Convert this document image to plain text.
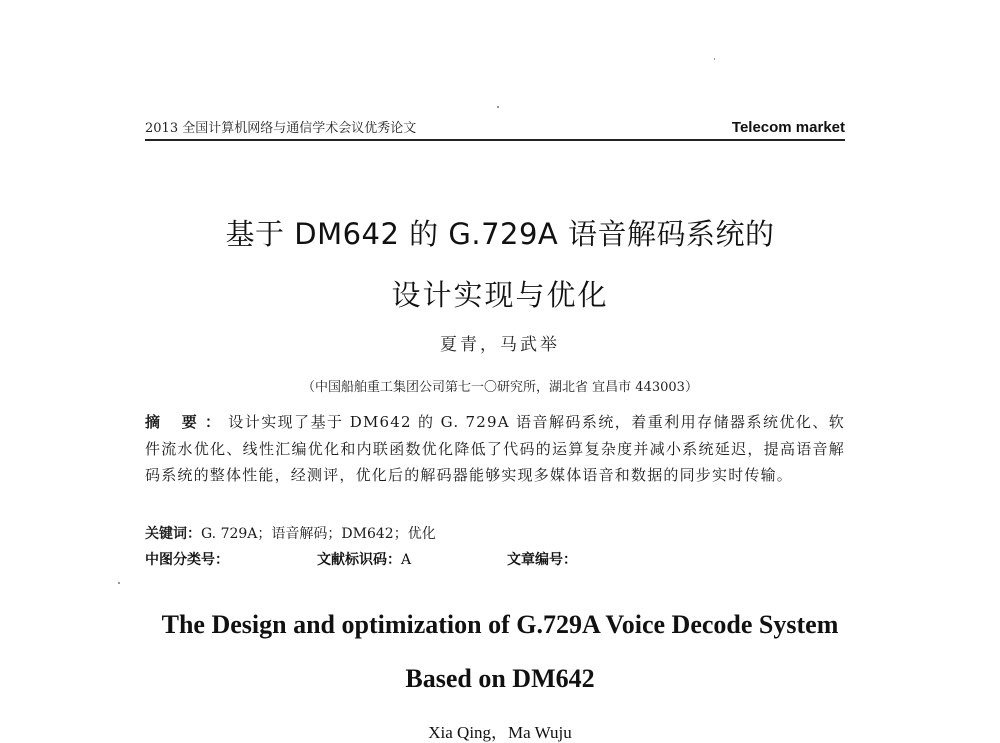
2013 全国计算机网络与通信学术会议优秀论文	Telecom market
基于 DM642 的 G.729A 语音解码系统的
设计实现与优化
夏青，马武举
（中国船舶重工集团公司第七一〇研究所，湖北省 宜昌市 443003）
摘 要：设计实现了基于 DM642 的 G. 729A 语音解码系统，着重利用存储器系统优化、软件流水优化、线性汇编优化和内联函数优化降低了代码的运算复杂度并减小系统延迟，提高语音解码系统的整体性能，经测评，优化后的解码器能够实现多媒体语音和数据的同步实时传输。
关键词：G. 729A；语音解码；DM642；优化
中图分类号：	文献标识码：A	文章编号：
The Design and optimization of G.729A Voice Decode System
Based on DM642
Xia Qing，Ma Wuju
